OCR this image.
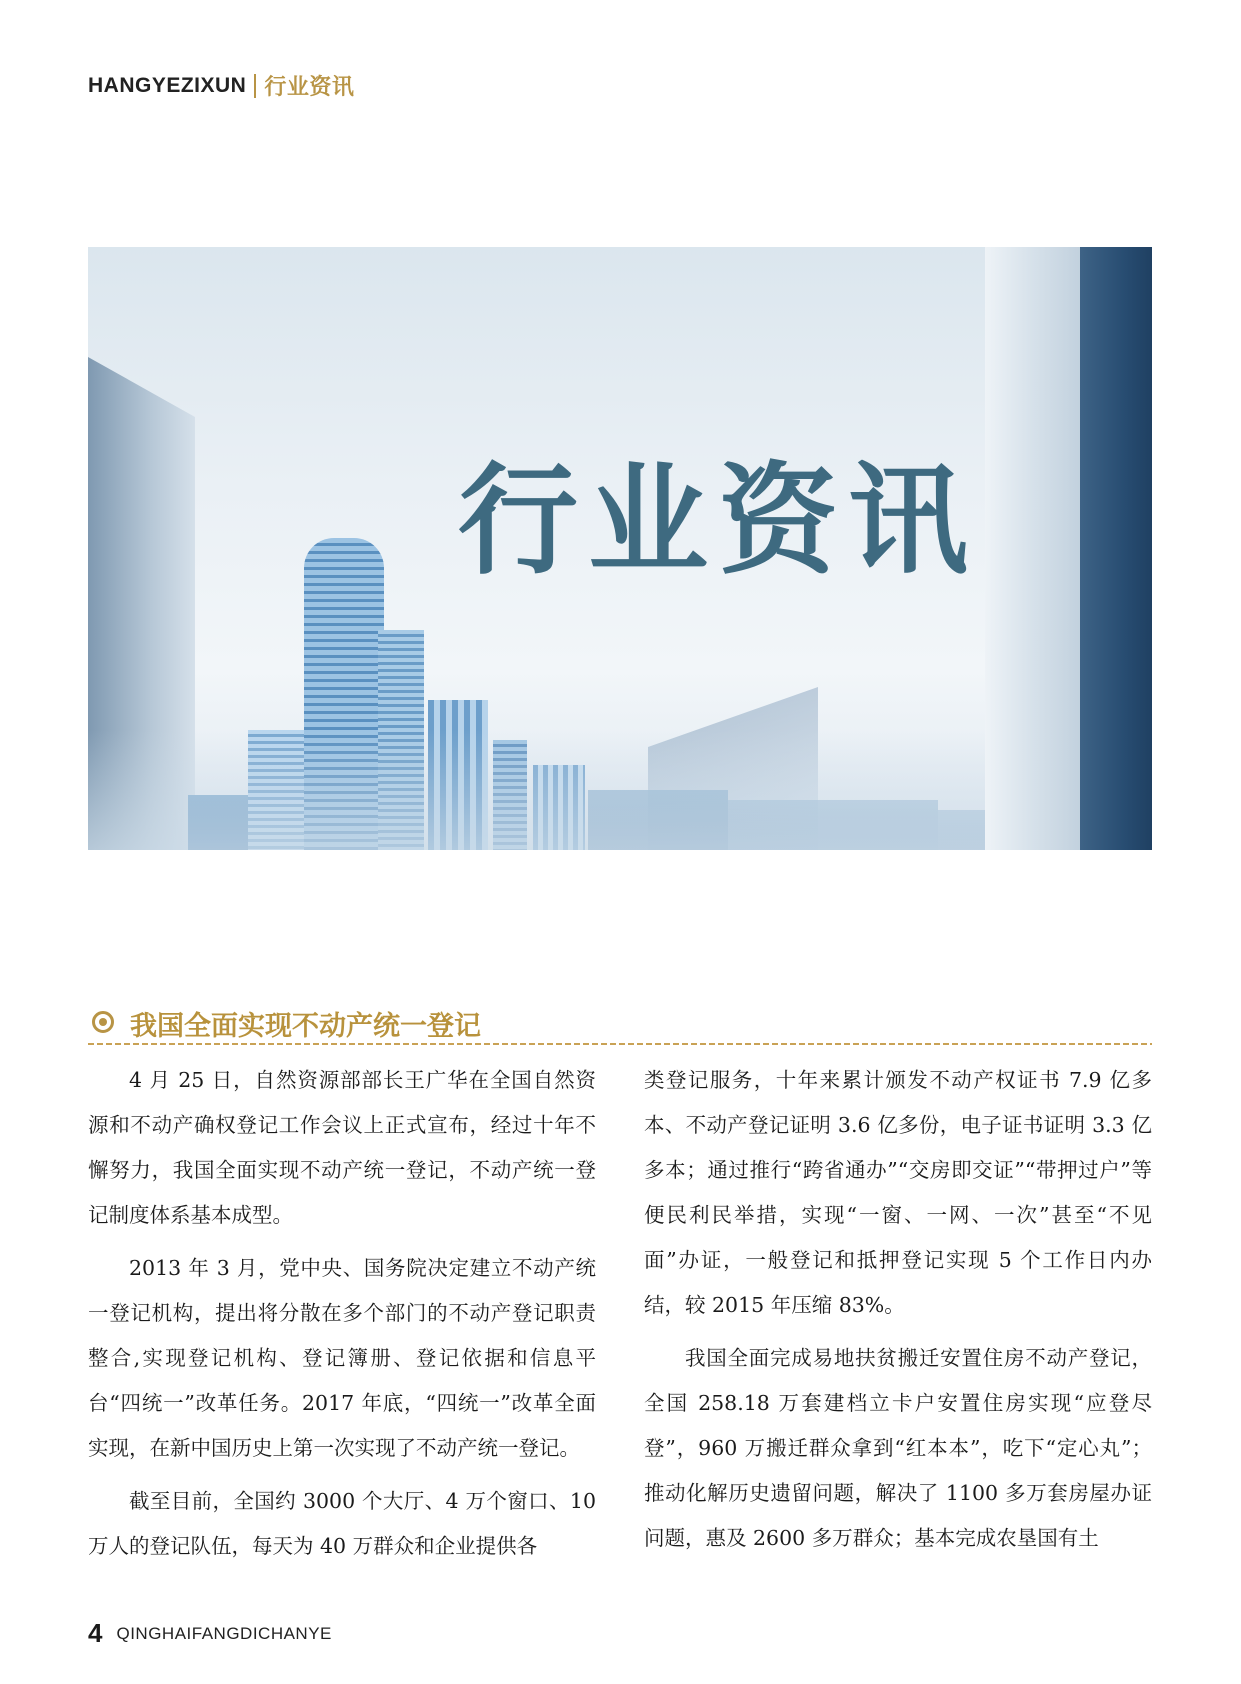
HANGYEZIXUN 行业资讯
行业资讯
我国全面实现不动产统一登记

4 月 25 日，自然资源部部长王广华在全国自然资源和不动产确权登记工作会议上正式宣布，经过十年不懈努力，我国全面实现不动产统一登记，不动产统一登记制度体系基本成型。

2013 年 3 月，党中央、国务院决定建立不动产统一登记机构，提出将分散在多个部门的不动产登记职责整合,实现登记机构、登记簿册、登记依据和信息平台“四统一”改革任务。2017 年底，“四统一”改革全面实现，在新中国历史上第一次实现了不动产统一登记。

截至目前，全国约 3000 个大厅、4 万个窗口、10 万人的登记队伍，每天为 40 万群众和企业提供各

类登记服务，十年来累计颁发不动产权证书 7.9 亿多本、不动产登记证明 3.6 亿多份，电子证书证明 3.3 亿多本；通过推行“跨省通办”“交房即交证”“带押过户”等便民利民举措，实现“一窗、一网、一次”甚至“不见面”办证，一般登记和抵押登记实现 5 个工作日内办结，较 2015 年压缩 83%。

我国全面完成易地扶贫搬迁安置住房不动产登记，全国 258.18 万套建档立卡户安置住房实现“应登尽登”，960 万搬迁群众拿到“红本本”，吃下“定心丸”；推动化解历史遗留问题，解决了 1100 多万套房屋办证问题，惠及 2600 多万群众；基本完成农垦国有土

4 QINGHAIFANGDICHANYE
